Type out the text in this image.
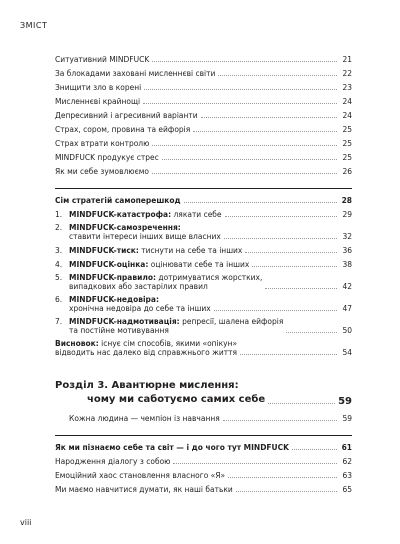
ЗМІСТ
Ситуативний MINDFUCK	21
За блокадами заховані мисленнєві світи	22
Знищити зло в корені	23
Мисленнєві крайнощі	24
Депресивний і агресивний варіанти	24
Страх, сором, провина та ейфорія	25
Страх втрати контролю	25
MINDFUCK продукує стрес	25
Як ми себе зумовлюємо	26
Сім стратегій самоперешкод	28
1. MINDFUCK-катастрофа: лякати себе	29
2. MINDFUCK-самозречення:
ставити інтереси інших вище власних	32
3. MINDFUCK-тиск: тиснути на себе та інших	36
4. MINDFUCK-оцінка: оцінювати себе та інших	38
5. MINDFUCK-правило: дотримуватися жорстких,
випадкових або застарілих правил	42
6. MINDFUCK-недовіра:
хронічна недовіра до себе та інших	47
7. MINDFUCK-надмотивація: репресії, шалена ейфорія
та постійне мотивування	50
Висновок: існує сім способів, якими «опікун»
відводить нас далеко від справжнього життя	54
Розділ 3. Авантюрне мислення:
чому ми саботуємо самих себе	59
Кожна людина — чемпіон із навчання	59
Як ми пізнаємо себе та світ — і до чого тут MINDFUCK	61
Народження діалогу з собою	62
Емоційний хаос становлення власного «Я»	63
Ми маємо навчитися думати, як наші батьки	65
viii
